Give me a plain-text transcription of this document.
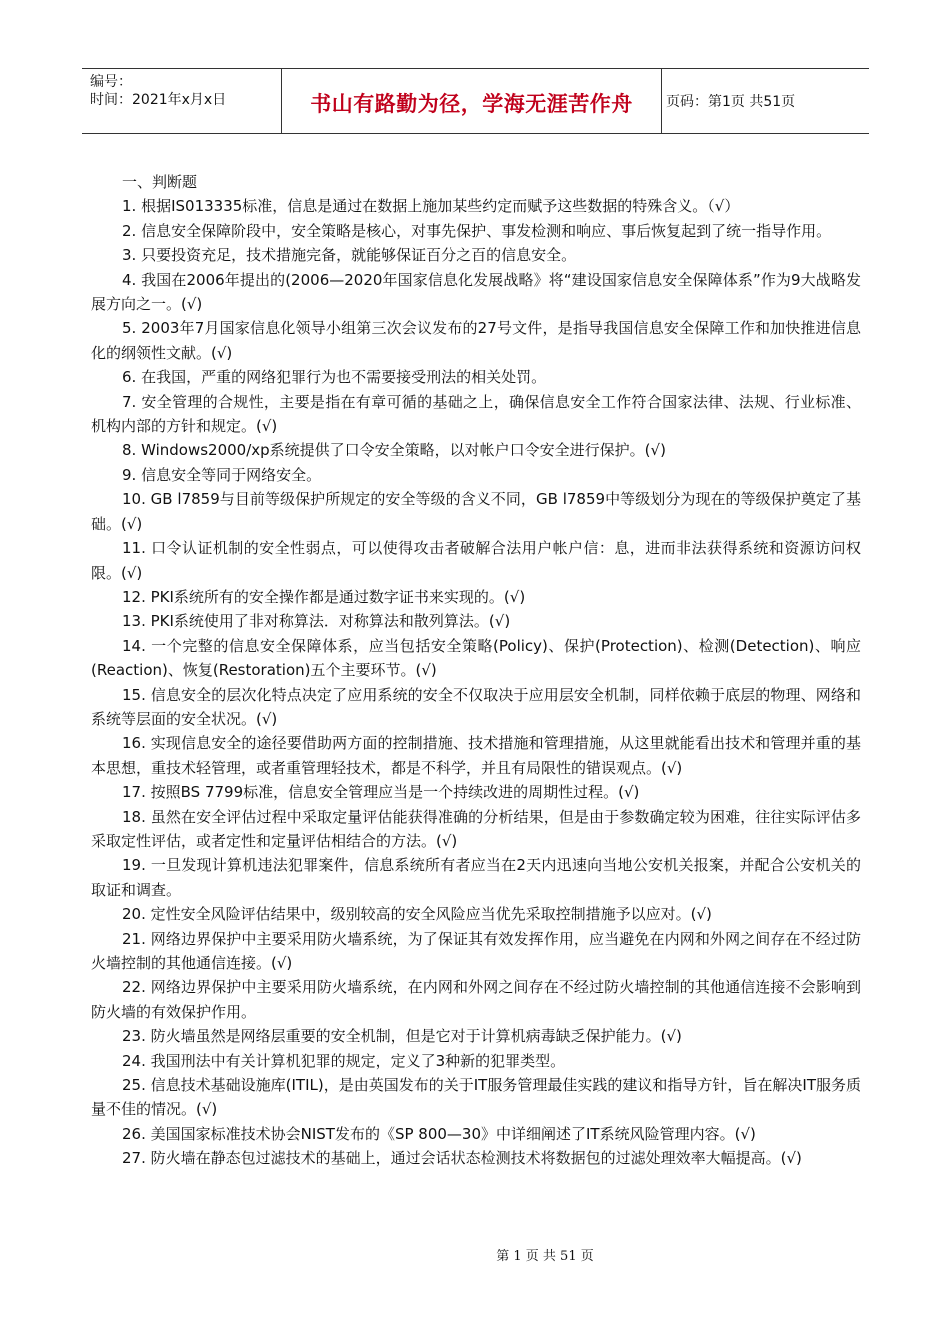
编号：
时间：2021年x月x日	书山有路勤为径，学海无涯苦作舟 页码：第1页 共51页

一、判断题

1. 根据IS013335标准，信息是通过在数据上施加某些约定而赋予这些数据的特殊含义。（√）

2. 信息安全保障阶段中，安全策略是核心，对事先保护、事发检测和响应、事后恢复起到了统一指导作用。

3. 只要投资充足，技术措施完备，就能够保证百分之百的信息安全。

4. 我国在2006年提出的(2006—2020年国家信息化发展战略》将“建设国家信息安全保障体系”作为9大战略发展方向之一。(√)

5. 2003年7月国家信息化领导小组第三次会议发布的27号文件，是指导我国信息安全保障工作和加快推进信息化的纲领性文献。(√)

6. 在我国，严重的网络犯罪行为也不需要接受刑法的相关处罚。

7. 安全管理的合规性，主要是指在有章可循的基础之上，确保信息安全工作符合国家法律、法规、行业标准、机构内部的方针和规定。(√)

8. Windows2000/xp系统提供了口令安全策略，以对帐户口令安全进行保护。(√)

9. 信息安全等同于网络安全。

10. GB l7859与目前等级保护所规定的安全等级的含义不同，GB l7859中等级划分为现在的等级保护奠定了基础。(√)

11. 口令认证机制的安全性弱点，可以使得攻击者破解合法用户帐户信：息，进而非法获得系统和资源访问权限。(√)

12. PKI系统所有的安全操作都是通过数字证书来实现的。(√)

13. PKI系统使用了非对称算法．对称算法和散列算法。(√)

14. 一个完整的信息安全保障体系，应当包括安全策略(Policy)、保护(Protection)、检测(Detection)、响应(Reaction)、恢复(Restoration)五个主要环节。(√)

15. 信息安全的层次化特点决定了应用系统的安全不仅取决于应用层安全机制，同样依赖于底层的物理、网络和系统等层面的安全状况。(√)

16. 实现信息安全的途径要借助两方面的控制措施、技术措施和管理措施，从这里就能看出技术和管理并重的基本思想，重技术轻管理，或者重管理轻技术，都是不科学，并且有局限性的错误观点。(√)

17. 按照BS 7799标准，信息安全管理应当是一个持续改进的周期性过程。(√)

18. 虽然在安全评估过程中采取定量评估能获得准确的分析结果，但是由于参数确定较为困难，往往实际评估多采取定性评估，或者定性和定量评估相结合的方法。(√)

19. 一旦发现计算机违法犯罪案件，信息系统所有者应当在2天内迅速向当地公安机关报案，并配合公安机关的取证和调查。

20. 定性安全风险评估结果中，级别较高的安全风险应当优先采取控制措施予以应对。(√)

21. 网络边界保护中主要采用防火墙系统，为了保证其有效发挥作用，应当避免在内网和外网之间存在不经过防火墙控制的其他通信连接。(√)

22. 网络边界保护中主要采用防火墙系统，在内网和外网之间存在不经过防火墙控制的其他通信连接不会影响到防火墙的有效保护作用。

23. 防火墙虽然是网络层重要的安全机制，但是它对于计算机病毒缺乏保护能力。(√)

24. 我国刑法中有关计算机犯罪的规定，定义了3种新的犯罪类型。

25. 信息技术基础设施库(ITIL)，是由英国发布的关于IT服务管理最佳实践的建议和指导方针，旨在解决IT服务质量不佳的情况。(√)

26. 美国国家标准技术协会NIST发布的《SP 800—30》中详细阐述了IT系统风险管理内容。(√)

27. 防火墙在静态包过滤技术的基础上，通过会话状态检测技术将数据包的过滤处理效率大幅提高。(√)

第 1 页 共 51 页
